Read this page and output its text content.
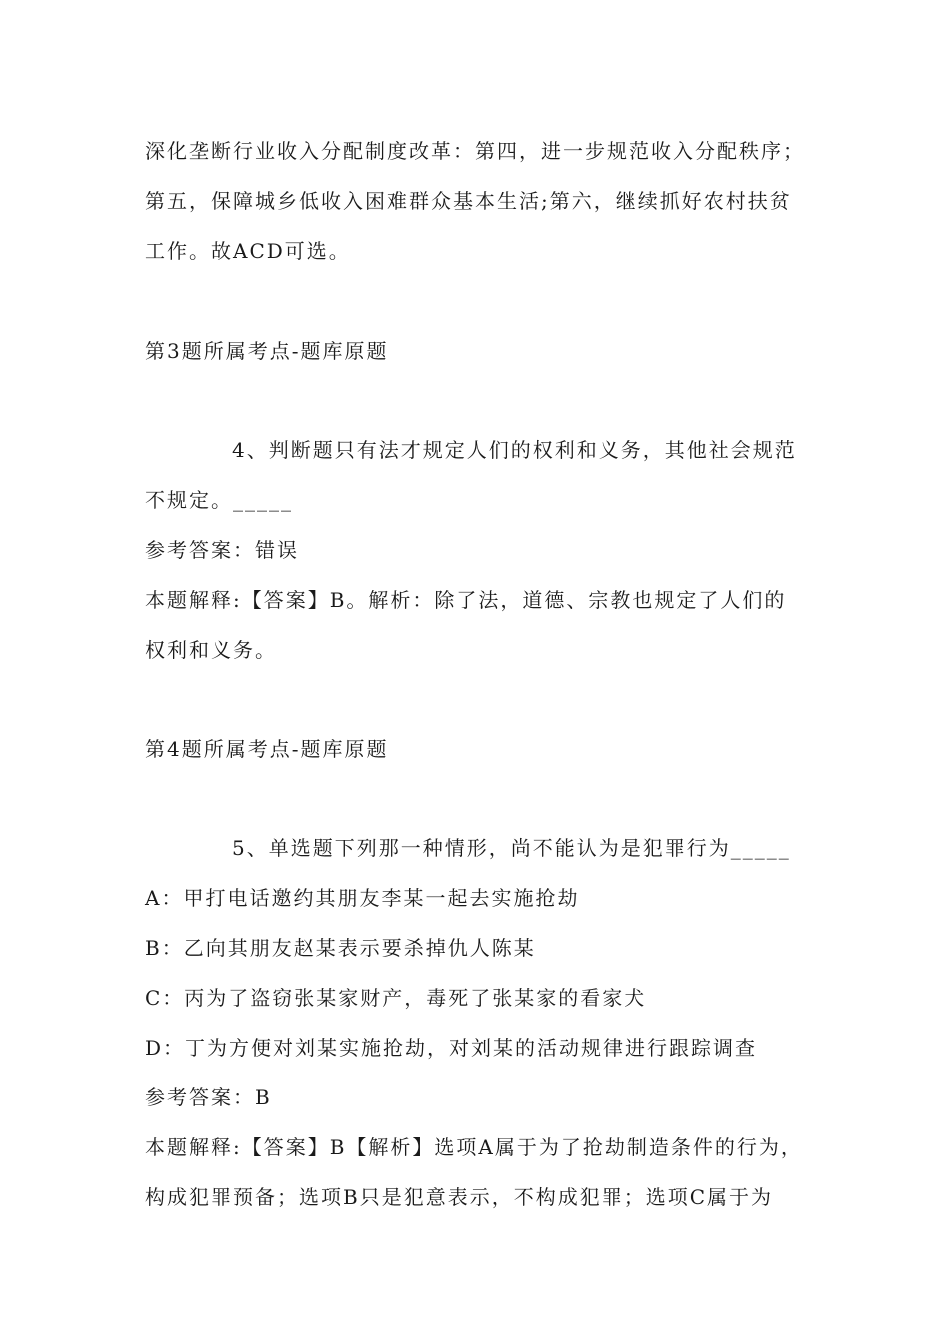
深化垄断行业收入分配制度改革：第四，进一步规范收入分配秩序；
第五，保障城乡低收入困难群众基本生活;第六，继续抓好农村扶贫
工作。故ACD可选。
第3题所属考点-题库原题
4、判断题只有法才规定人们的权利和义务，其他社会规范
不规定。_____
参考答案：错误
本题解释:【答案】B。解析：除了法，道德、宗教也规定了人们的
权利和义务。
第4题所属考点-题库原题
5、单选题下列那一种情形，尚不能认为是犯罪行为_____
A：甲打电话邀约其朋友李某一起去实施抢劫
B：乙向其朋友赵某表示要杀掉仇人陈某
C：丙为了盗窃张某家财产，毒死了张某家的看家犬
D：丁为方便对刘某实施抢劫，对刘某的活动规律进行跟踪调查
参考答案：B
本题解释:【答案】B【解析】选项A属于为了抢劫制造条件的行为，
构成犯罪预备；选项B只是犯意表示，不构成犯罪；选项C属于为
